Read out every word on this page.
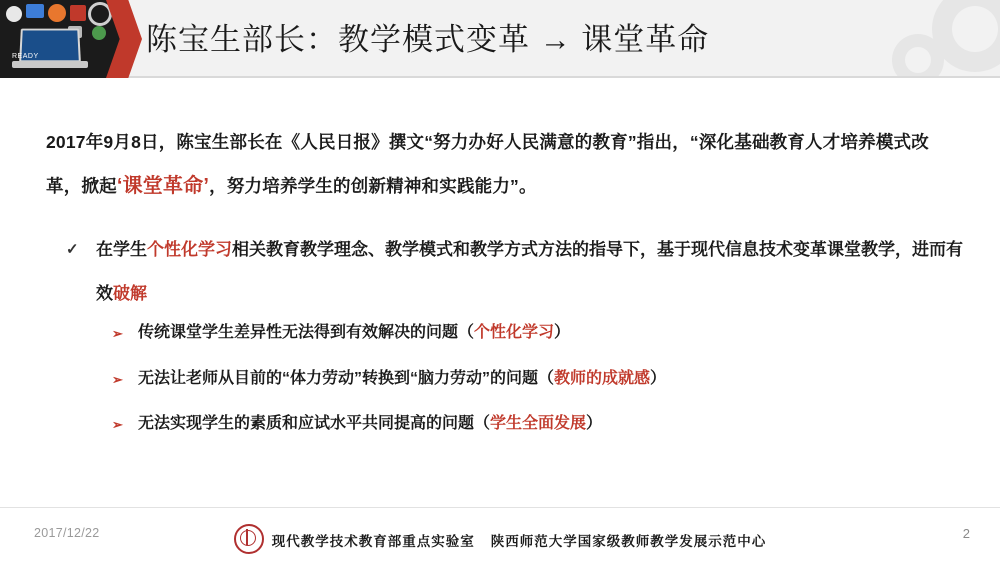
READY	陈宝生部长：教学模式变革 → 课堂革命
2017年9月8日，陈宝生部长在《人民日报》撰文“努力办好人民满意的教育”指出，“深化基础教育人才培养模式改革，掀起‘课堂革命’，努力培养学生的创新精神和实践能力”。
✓	在学生个性化学习相关教育教学理念、教学模式和教学方式方法的指导下，基于现代信息技术变革课堂教学，进而有效破解
➢ 传统课堂学生差异性无法得到有效解决的问题（个性化学习）
➢ 无法让老师从目前的“体力劳动”转换到“脑力劳动”的问题（教师的成就感）
➢ 无法实现学生的素质和应试水平共同提高的问题（学生全面发展）
2017/12/22
现代教学技术教育部重点实验室 陕西师范大学国家级教师教学发展示范中心
2
